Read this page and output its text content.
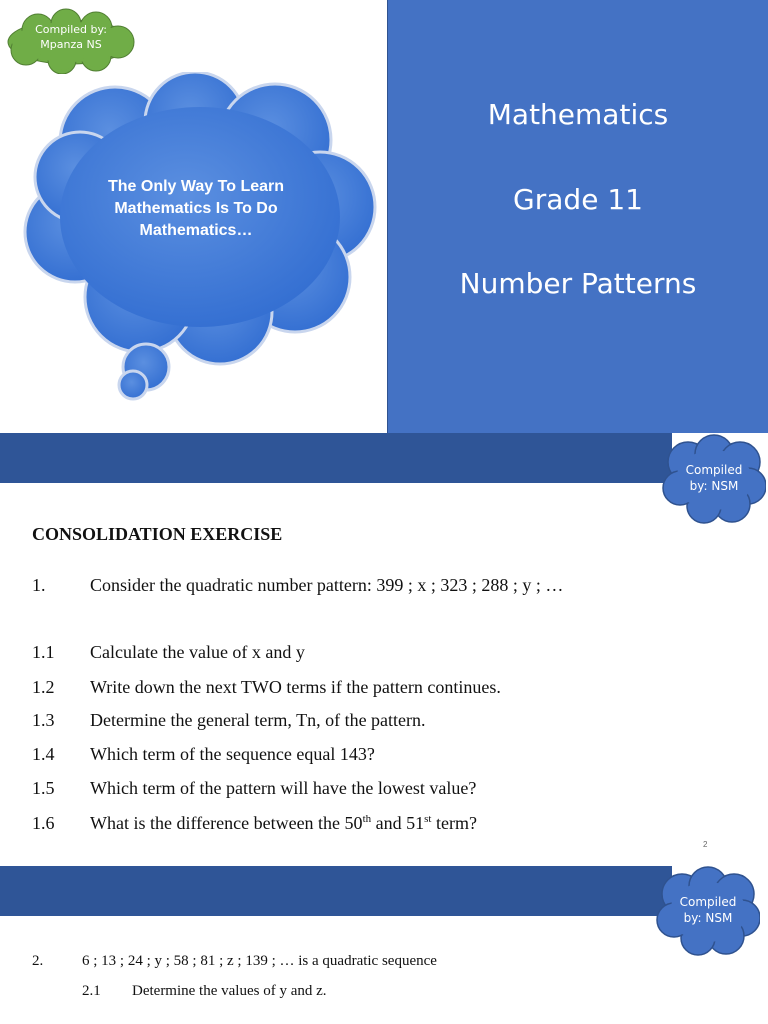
Compiled by:
Mpanza NS
The Only Way To Learn
Mathematics Is To Do
Mathematics…
Mathematics
Grade 11
Number Patterns
Compiled
by: NSM
CONSOLIDATION EXERCISE
1. Consider the quadratic number pattern: 399 ; x ; 323 ; 288 ; y ; …
1.1 Calculate the value of x and y
1.2 Write down the next TWO terms if the pattern continues.
1.3 Determine the general term, Tn, of the pattern.
1.4 Which term of the sequence equal 143?
1.5 Which term of the pattern will have the lowest value?
1.6 What is the difference between the 50th and 51st term?
2
Compiled
by: NSM
2.	6 ; 13 ; 24 ; y ; 58 ; 81 ; z ; 139 ; … is a quadratic sequence
2.1 Determine the values of y and z.
